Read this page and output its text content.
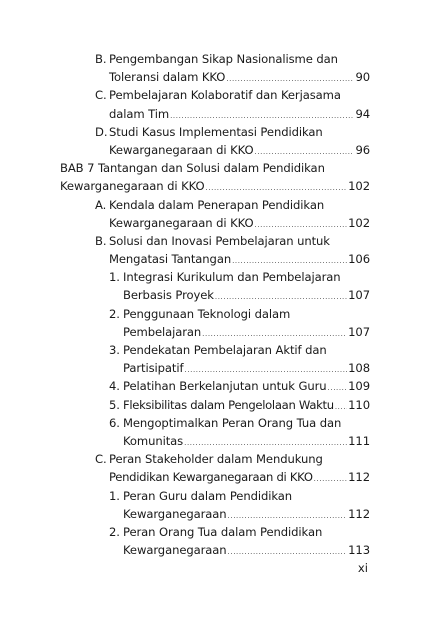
B. Pengembangan Sikap Nasionalisme dan
Toleransi dalam KKO .....	90
C. Pembelajaran Kolaboratif dan Kerjasama
dalam Tim .....	94
D. Studi Kasus Implementasi Pendidikan
Kewarganegaraan di KKO .....	96
BAB 7 Tantangan dan Solusi dalam Pendidikan
Kewarganegaraan di KKO .....	102
A. Kendala dalam Penerapan Pendidikan
Kewarganegaraan di KKO .....	102
B. Solusi dan Inovasi Pembelajaran untuk
Mengatasi Tantangan .....	106
1. Integrasi Kurikulum dan Pembelajaran
Berbasis Proyek .....	107
2. Penggunaan Teknologi dalam
Pembelajaran .....	107
3. Pendekatan Pembelajaran Aktif dan
Partisipatif .....	108
4. Pelatihan Berkelanjutan untuk Guru ..... 109
5. Fleksibilitas dalam Pengelolaan Waktu ..... 110
6. Mengoptimalkan Peran Orang Tua dan
Komunitas .....	111
C. Peran Stakeholder dalam Mendukung
Pendidikan Kewarganegaraan di KKO .....	112
1. Peran Guru dalam Pendidikan
Kewarganegaraan .....	112
2. Peran Orang Tua dalam Pendidikan
Kewarganegaraan .....	113
xi
